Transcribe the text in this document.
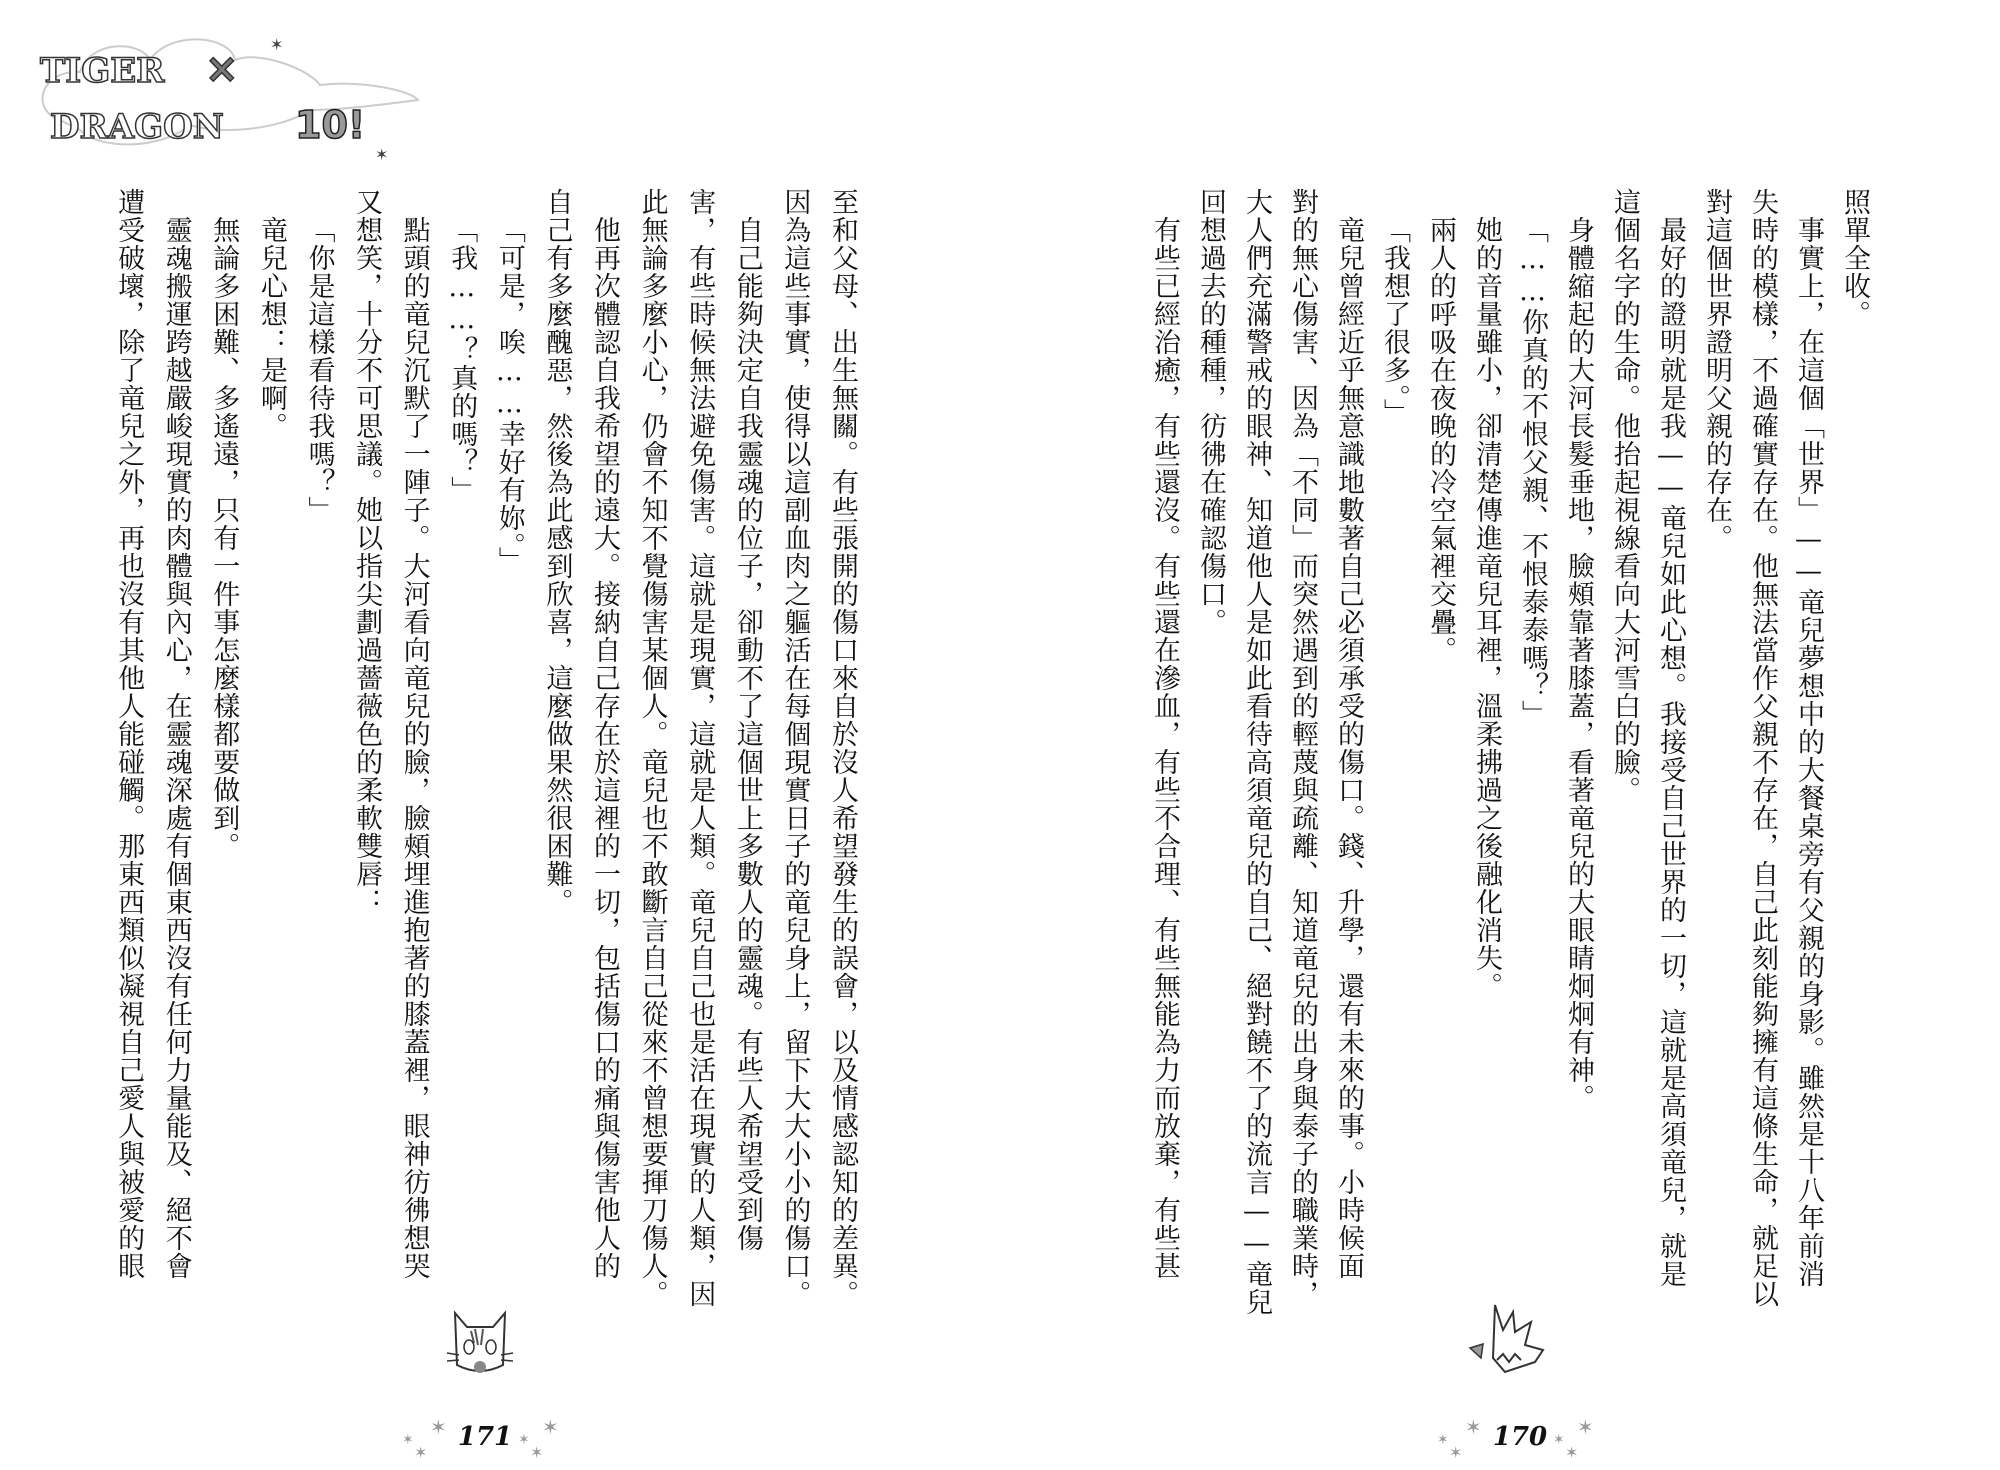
TIGER ×
DRAGON 10!
✶
✶
至和父母、出生無關。有些張開的傷口來自於沒人希望發生的誤會，以及情感認知的差異。
因為這些事實，使得以這副血肉之軀活在每個現實日子的竜兒身上，留下大大小小的傷口。
自己能夠決定自我靈魂的位子，卻動不了這個世上多數人的靈魂。有些人希望受到傷
害，有些時候無法避免傷害。這就是現實，這就是人類。竜兒自己也是活在現實的人類，因
此無論多麼小心，仍會不知不覺傷害某個人。竜兒也不敢斷言自己從來不曾想要揮刀傷人。
他再次體認自我希望的遠大。接納自己存在於這裡的一切，包括傷口的痛與傷害他人的
自己有多麼醜惡，然後為此感到欣喜，這麼做果然很困難。
「可是，唉……幸好有妳。」
「我……？真的嗎？」
點頭的竜兒沉默了一陣子。大河看向竜兒的臉，臉頰埋進抱著的膝蓋裡，眼神彷彿想哭
又想笑，十分不可思議。她以指尖劃過薔薇色的柔軟雙唇：
「你是這樣看待我嗎？」
竜兒心想：是啊。
無論多困難、多遙遠，只有一件事怎麼樣都要做到。
靈魂搬運跨越嚴峻現實的肉體與內心，在靈魂深處有個東西沒有任何力量能及、絕不會
遭受破壞，除了竜兒之外，再也沒有其他人能碰觸。那東西類似凝視自己愛人與被愛的眼	照單全收。
事實上，在這個「世界」——竜兒夢想中的大餐桌旁有父親的身影。雖然是十八年前消
失時的模樣，不過確實存在。他無法當作父親不存在，自己此刻能夠擁有這條生命，就足以
對這個世界證明父親的存在。
最好的證明就是我——竜兒如此心想。我接受自己世界的一切，這就是高須竜兒，就是
這個名字的生命。他抬起視線看向大河雪白的臉。
身體縮起的大河長髮垂地，臉頰靠著膝蓋，看著竜兒的大眼睛炯炯有神。
「……你真的不恨父親、不恨泰泰嗎？」
她的音量雖小，卻清楚傳進竜兒耳裡，溫柔拂過之後融化消失。
兩人的呼吸在夜晚的冷空氣裡交疊。
「我想了很多。」
竜兒曾經近乎無意識地數著自己必須承受的傷口。錢、升學，還有未來的事。小時候面
對的無心傷害、因為「不同」而突然遇到的輕蔑與疏離、知道竜兒的出身與泰子的職業時，
大人們充滿警戒的眼神、知道他人是如此看待高須竜兒的自己、絕對饒不了的流言——竜兒
回想過去的種種，彷彿在確認傷口。
有些已經治癒，有些還沒。有些還在滲血，有些不合理、有些無能為力而放棄，有些甚
✶
✶
✶
✶
✶
✶
171	✶
✶
✶
✶
✶
✶
170
